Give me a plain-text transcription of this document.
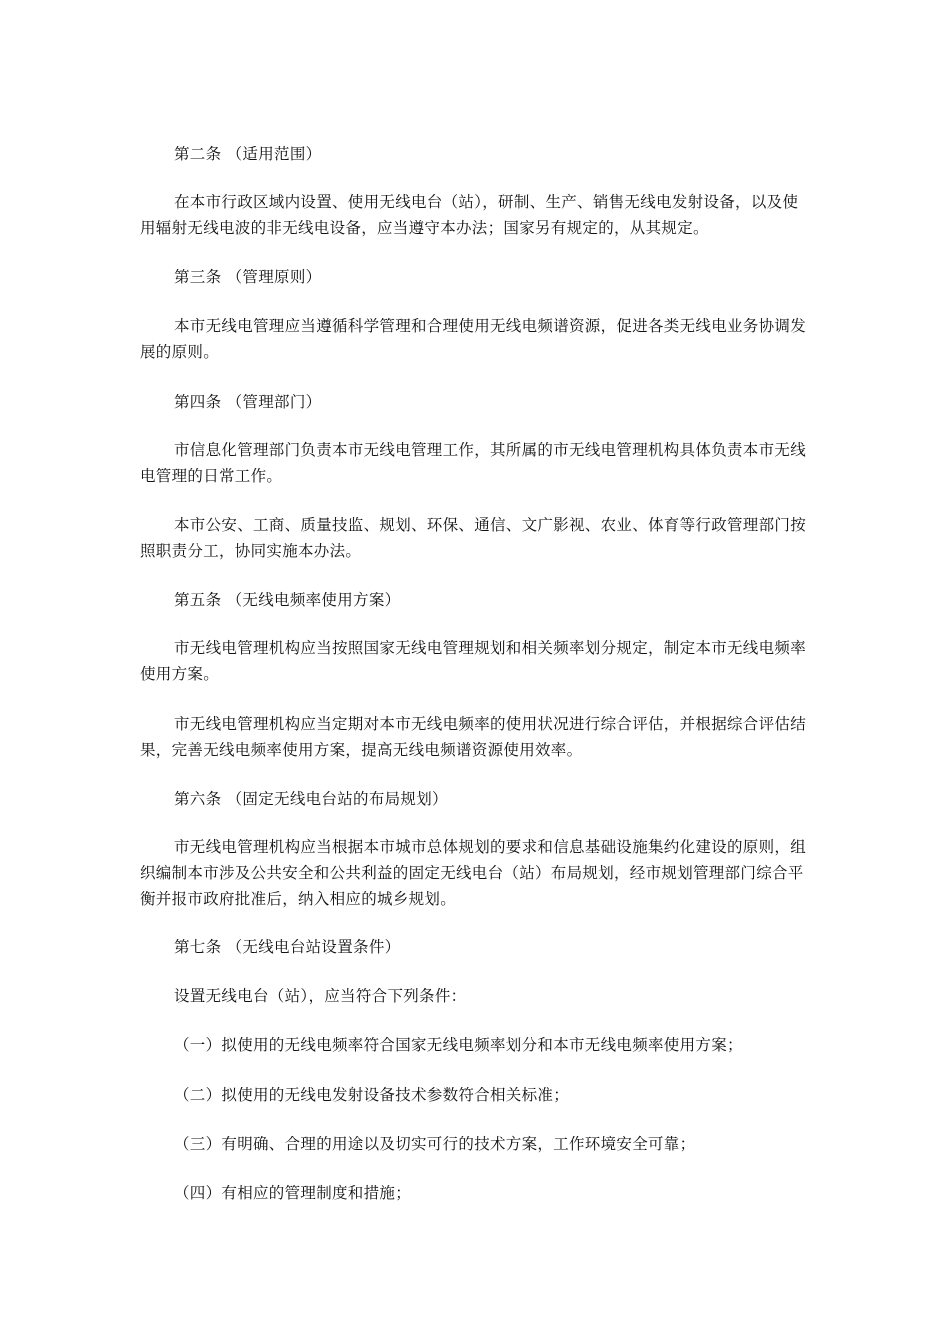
第二条 （适用范围）

在本市行政区域内设置、使用无线电台（站），研制、生产、销售无线电发射设备，以及使用辐射无线电波的非无线电设备，应当遵守本办法；国家另有规定的，从其规定。

第三条 （管理原则）

本市无线电管理应当遵循科学管理和合理使用无线电频谱资源，促进各类无线电业务协调发展的原则。

第四条 （管理部门）

市信息化管理部门负责本市无线电管理工作，其所属的市无线电管理机构具体负责本市无线电管理的日常工作。

本市公安、工商、质量技监、规划、环保、通信、文广影视、农业、体育等行政管理部门按照职责分工，协同实施本办法。

第五条 （无线电频率使用方案）

市无线电管理机构应当按照国家无线电管理规划和相关频率划分规定，制定本市无线电频率使用方案。

市无线电管理机构应当定期对本市无线电频率的使用状况进行综合评估，并根据综合评估结果，完善无线电频率使用方案，提高无线电频谱资源使用效率。

第六条 （固定无线电台站的布局规划）

市无线电管理机构应当根据本市城市总体规划的要求和信息基础设施集约化建设的原则，组织编制本市涉及公共安全和公共利益的固定无线电台（站）布局规划，经市规划管理部门综合平衡并报市政府批准后，纳入相应的城乡规划。

第七条 （无线电台站设置条件）

设置无线电台（站），应当符合下列条件：

（一）拟使用的无线电频率符合国家无线电频率划分和本市无线电频率使用方案；

（二）拟使用的无线电发射设备技术参数符合相关标准；

（三）有明确、合理的用途以及切实可行的技术方案，工作环境安全可靠；

（四）有相应的管理制度和措施；
